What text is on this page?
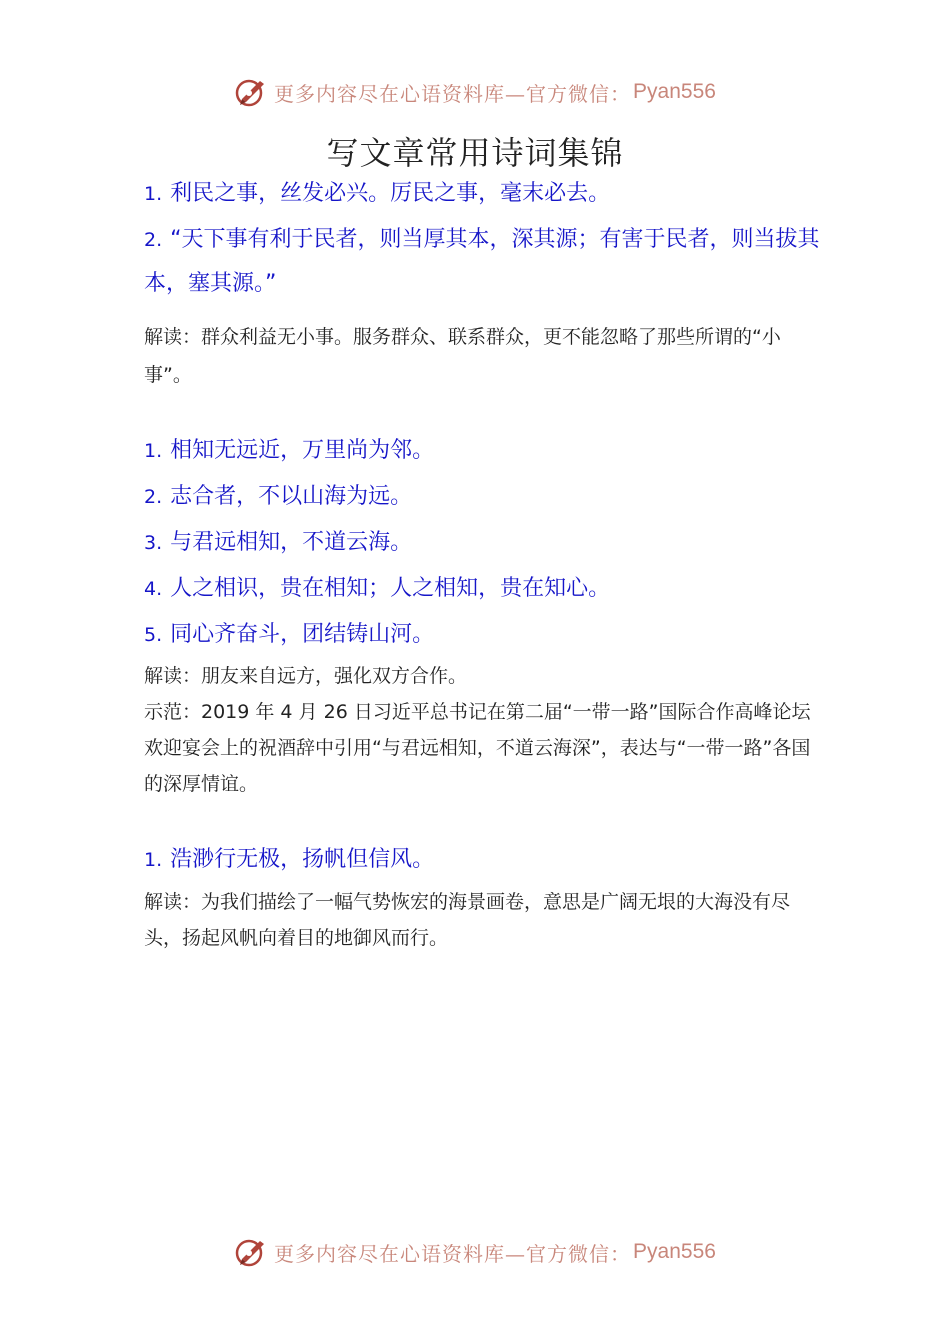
更多内容尽在心语资料库—官方微信： Pyan556
写文章常用诗词集锦

1. 利民之事，丝发必兴。厉民之事，毫末必去。

2. “天下事有利于民者，则当厚其本，深其源；有害于民者，则当拔其本，塞其源。”

解读：群众利益无小事。服务群众、联系群众，更不能忽略了那些所谓的“小事”。

1. 相知无远近，万里尚为邻。

2. 志合者，不以山海为远。

3. 与君远相知，不道云海。

4. 人之相识，贵在相知；人之相知，贵在知心。

5. 同心齐奋斗，团结铸山河。

解读：朋友来自远方，强化双方合作。

示范：2019 年 4 月 26 日习近平总书记在第二届“一带一路”国际合作高峰论坛欢迎宴会上的祝酒辞中引用“与君远相知，不道云海深”，表达与“一带一路”各国的深厚情谊。

1. 浩渺行无极，扬帆但信风。

解读：为我们描绘了一幅气势恢宏的海景画卷，意思是广阔无垠的大海没有尽头，扬起风帆向着目的地御风而行。

更多内容尽在心语资料库—官方微信： Pyan556
